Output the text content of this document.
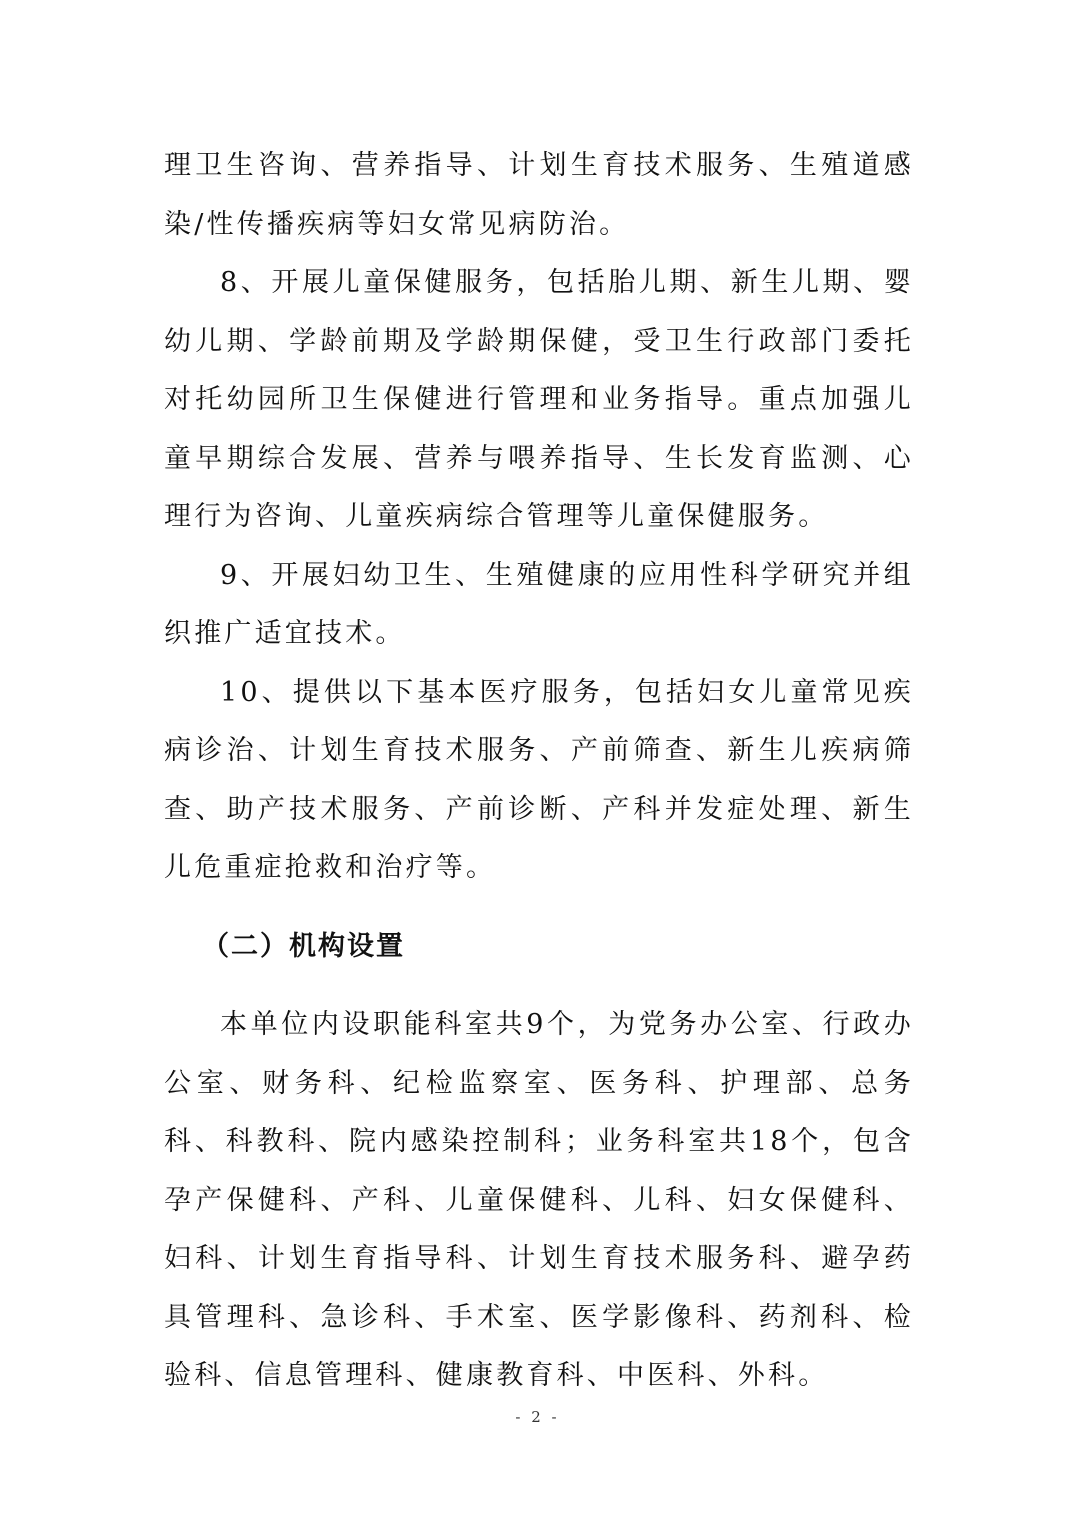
理卫生咨询、营养指导、计划生育技术服务、生殖道感染/性传播疾病等妇女常见病防治。

8、开展儿童保健服务，包括胎儿期、新生儿期、婴幼儿期、学龄前期及学龄期保健，受卫生行政部门委托对托幼园所卫生保健进行管理和业务指导。重点加强儿童早期综合发展、营养与喂养指导、生长发育监测、心理行为咨询、儿童疾病综合管理等儿童保健服务。

9、开展妇幼卫生、生殖健康的应用性科学研究并组织推广适宜技术。

10、提供以下基本医疗服务，包括妇女儿童常见疾病诊治、计划生育技术服务、产前筛查、新生儿疾病筛查、助产技术服务、产前诊断、产科并发症处理、新生儿危重症抢救和治疗等。

（二）机构设置

本单位内设职能科室共9个，为党务办公室、行政办公室、财务科、纪检监察室、医务科、护理部、总务科、科教科、院内感染控制科；业务科室共18个，包含孕产保健科、产科、儿童保健科、儿科、妇女保健科、妇科、计划生育指导科、计划生育技术服务科、避孕药具管理科、急诊科、手术室、医学影像科、药剂科、检验科、信息管理科、健康教育科、中医科、外科。

- 2 -
